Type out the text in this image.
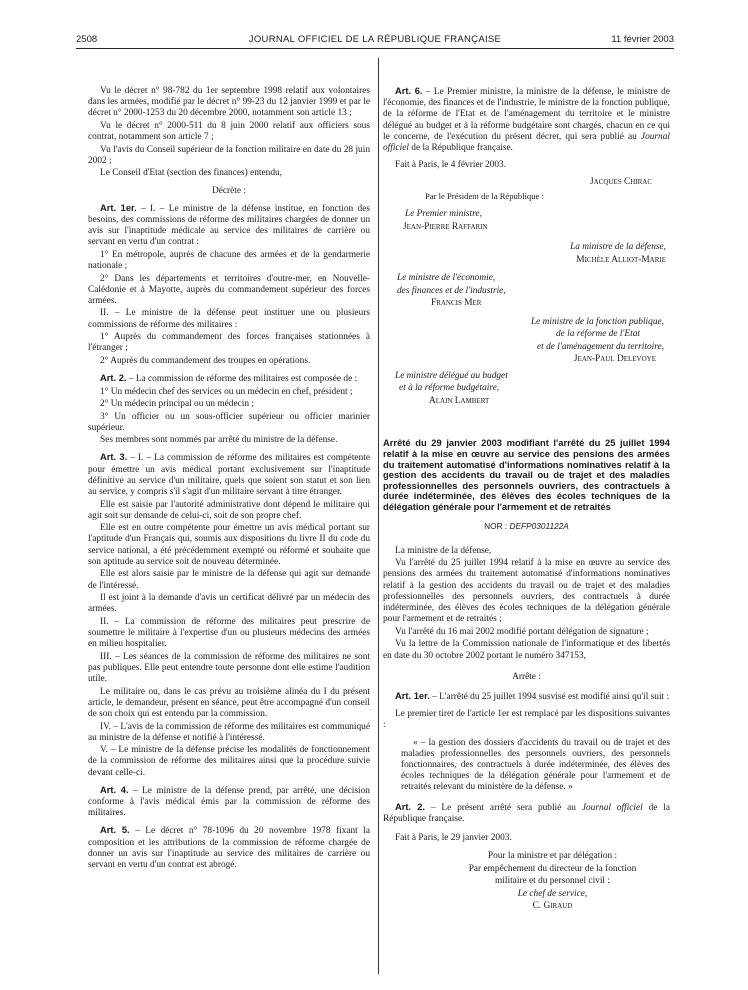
2508	JOURNAL OFFICIEL DE LA RÉPUBLIQUE FRANÇAISE	11 février 2003

Vu le décret n° 98-782 du 1er septembre 1998 relatif aux volontaires dans les armées, modifié par le décret n° 99-23 du 12 janvier 1999 et par le décret n° 2000-1253 du 20 décembre 2000, notamment son article 13 ;

Vu le décret n° 2000-511 du 8 juin 2000 relatif aux officiers sous contrat, notamment son article 7 ;

Vu l'avis du Conseil supérieur de la fonction militaire en date du 28 juin 2002 ;

Le Conseil d'Etat (section des finances) entendu,

Décrète :

Art. 1er. – I. – Le ministre de la défense institue, en fonction des besoins, des commissions de réforme des militaires chargées de donner un avis sur l'inaptitude médicale au service des militaires de carrière ou servant en vertu d'un contrat :

1° En métropole, auprès de chacune des armées et de la gendarmerie nationale ;

2° Dans les départements et territoires d'outre-mer, en Nouvelle-Calédonie et à Mayotte, auprès du commandement supérieur des forces armées.

II. – Le ministre de la défense peut instituer une ou plusieurs commissions de réforme des militaires :

1° Auprès du commandement des forces françaises stationnées à l'étranger ;

2° Auprès du commandement des troupes en opérations.

Art. 2. – La commission de réforme des militaires est composée de :

1° Un médecin chef des services ou un médecin en chef, président ;

2° Un médecin principal ou un médecin ;

3° Un officier ou un sous-officier supérieur ou officier marinier supérieur.

Ses membres sont nommés par arrêté du ministre de la défense.

Art. 3. – I. – La commission de réforme des militaires est compétente pour émettre un avis médical portant exclusivement sur l'inaptitude définitive au service d'un militaire, quels que soient son statut et son lien au service, y compris s'il s'agit d'un militaire servant à titre étranger.

Elle est saisie par l'autorité administrative dont dépend le militaire qui agit soit sur demande de celui-ci, soit de son propre chef.

Elle est en outre compétente pour émettre un avis médical portant sur l'aptitude d'un Français qui, soumis aux dispositions du livre II du code du service national, a été précédemment exempté ou réformé et souhaite que son aptitude au service soit de nouveau déterminée.

Elle est alors saisie par le ministre de la défense qui agit sur demande de l'intéressé.

Il est joint à la demande d'avis un certificat délivré par un médecin des armées.

II. – La commission de réforme des militaires peut prescrire de soumettre le militaire à l'expertise d'un ou plusieurs médecins des armées en milieu hospitalier.

III. – Les séances de la commission de réforme des militaires ne sont pas publiques. Elle peut entendre toute personne dont elle estime l'audition utile.

Le militaire ou, dans le cas prévu au troisième alinéa du I du présent article, le demandeur, présent en séance, peut être accompagné d'un conseil de son choix qui est entendu par la commission.

IV. – L'avis de la commission de réforme des militaires est communiqué au ministre de la défense et notifié à l'intéressé.

V. – Le ministre de la défense précise les modalités de fonctionnement de la commission de réforme des militaires ainsi que la procédure suivie devant celle-ci.

Art. 4. – Le ministre de la défense prend, par arrêté, une décision conforme à l'avis médical émis par la commission de réforme des militaires.

Art. 5. – Le décret n° 78-1096 du 20 novembre 1978 fixant la composition et les attributions de la commission de réforme chargée de donner un avis sur l'inaptitude au service des militaires de carrière ou servant en vertu d'un contrat est abrogé.

Art. 6. – Le Premier ministre, la ministre de la défense, le ministre de l'économie, des finances et de l'industrie, le ministre de la fonction publique, de la réforme de l'Etat et de l'aménagement du territoire et le ministre délégué au budget et à la réforme budgétaire sont chargés, chacun en ce qui le concerne, de l'exécution du présent décret, qui sera publié au Journal officiel de la République française.

Fait à Paris, le 4 février 2003.

Jacques Chirac

Par le Président de la République :

Le Premier ministre,

Jean-Pierre Raffarin

La ministre de la défense,

Michèle Alliot-Marie

Le ministre de l'économie,

des finances et de l'industrie,

Francis Mer

Le ministre de la fonction publique,

de la réforme de l'Etat

et de l'aménagement du territoire,

Jean-Paul Delevoye

Le ministre délégué au budget

et à la réforme budgétaire,

Alain Lambert

Arrêté du 29 janvier 2003 modifiant l'arrêté du 25 juillet 1994 relatif à la mise en œuvre au service des pensions des armées du traitement automatisé d'informations nominatives relatif à la gestion des accidents du travail ou de trajet et des maladies professionnelles des personnels ouvriers, des contractuels à durée indéterminée, des élèves des écoles techniques de la délégation générale pour l'armement et de retraités
NOR : DEFP0301122A

La ministre de la défense,

Vu l'arrêté du 25 juillet 1994 relatif à la mise en œuvre au service des pensions des armées du traitement automatisé d'informations nominatives relatif à la gestion des accidents du travail ou de trajet et des maladies professionnelles des personnels ouvriers, des contractuels à durée indéterminée, des élèves des écoles techniques de la délégation générale pour l'armement et de retraités ;

Vu l'arrêté du 16 mai 2002 modifié portant délégation de signature ;

Vu la lettre de la Commission nationale de l'informatique et des libertés en date du 30 octobre 2002 portant le numéro 347153,

Arrête :

Art. 1er. – L'arrêté du 25 juillet 1994 susvisé est modifié ainsi qu'il suit :

Le premier tiret de l'article 1er est remplacé par les dispositions suivantes :

« – la gestion des dossiers d'accidents du travail ou de trajet et des maladies professionnelles des personnels ouvriers, des personnels fonctionnaires, des contractuels à durée indéterminée, des élèves des écoles techniques de la délégation générale pour l'armement et de retraités relevant du ministère de la défense. »

Art. 2. – Le présent arrêté sera publié au Journal officiel de la République française.

Fait à Paris, le 29 janvier 2003.

Pour la ministre et par délégation :

Par empêchement du directeur de la fonction

militaire et du personnel civil :

Le chef de service,

C. Giraud
